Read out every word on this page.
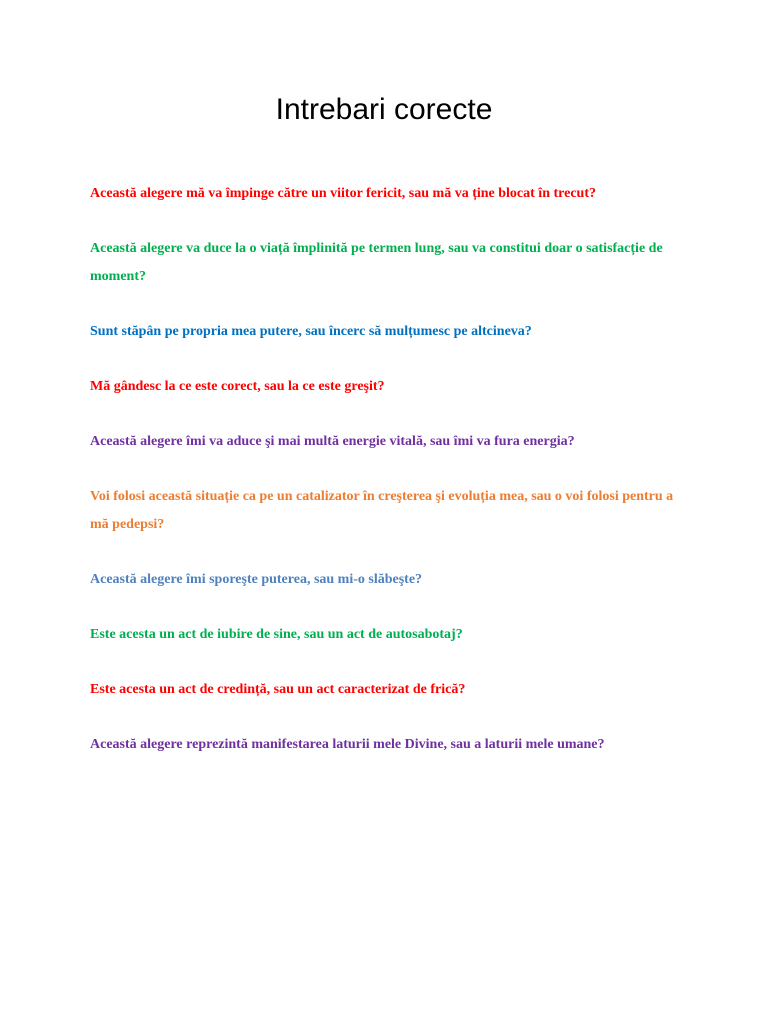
Intrebari corecte
Această alegere mă va împinge către un viitor fericit, sau mă va ține blocat în trecut?
Această alegere va duce la o viață împlinită pe termen lung, sau va constitui doar o satisfacție de moment?
Sunt stăpân pe propria mea putere, sau încerc să mulțumesc pe altcineva?
Mă gândesc la ce este corect, sau la ce este greşit?
Această alegere îmi va aduce şi mai multă energie vitală, sau îmi va fura energia?
Voi folosi această situație ca pe un catalizator în creşterea şi evoluția mea, sau o voi folosi pentru a mă pedepsi?
Această alegere îmi sporeşte puterea, sau mi-o slăbeşte?
Este acesta un act de iubire de sine, sau un act de autosabotaj?
Este acesta un act de credință, sau un act caracterizat de frică?
Această alegere reprezintă manifestarea laturii mele Divine, sau a laturii mele umane?
